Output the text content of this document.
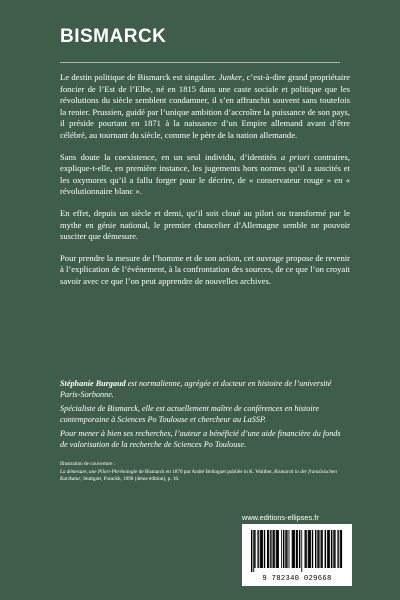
BISMARCK

Le destin politique de Bismarck est singulier. Junker, c’est-à-dire grand propriétaire foncier de l’Est de l’Elbe, né en 1815 dans une caste sociale et politique que les révolutions du siècle semblent condamner, il s’en affranchit souvent sans toutefois la renier. Prussien, guidé par l’unique ambition d’accroître la puissance de son pays, il préside pourtant en 1871 à la naissance d’un Empire allemand avant d’être célébré, au tournant du siècle, comme le père de la nation allemande.

Sans doute la coexistence, en un seul individu, d’identités a priori contraires, explique-t-elle, en première instance, les jugements hors normes qu’il a suscités et les oxymores qu’il a fallu forger pour le décrire, de « conservateur rouge » en « révolutionnaire blanc ».

En effet, depuis un siècle et demi, qu’il soit cloué au pilori ou transformé par le mythe en génie national, le premier chancelier d’Allemagne semble ne pouvoir susciter que démesure.

Pour prendre la mesure de l’homme et de son action, cet ouvrage propose de revenir à l’explication de l’événement, à la confrontation des sources, de ce que l’on croyait savoir avec ce que l’on peut apprendre de nouvelles archives.

Stéphanie Burgaud est normalienne, agrégée et docteur en histoire de l’université Paris-Sorbonne.

Spécialiste de Bismarck, elle est actuellement maître de conférences en histoire contemporaine à Sciences Po Toulouse et chercheur au LaSSP.

Pour mener à bien ses recherches, l’auteur a bénéficié d’une aide financière du fonds de valorisation de la recherche de Sciences Po Toulouse.

Illustration de couverture :

La démesure, une Pilori-Phrénologie de Bismarck en 1870 par André Belloguet publiée in K. Walther, Bismarck in der französischen Karikatur, Stuttgart, Franckh, 1898 (4ème édition), p. 10.

www.editions-ellipses.fr
9 782340 029668
